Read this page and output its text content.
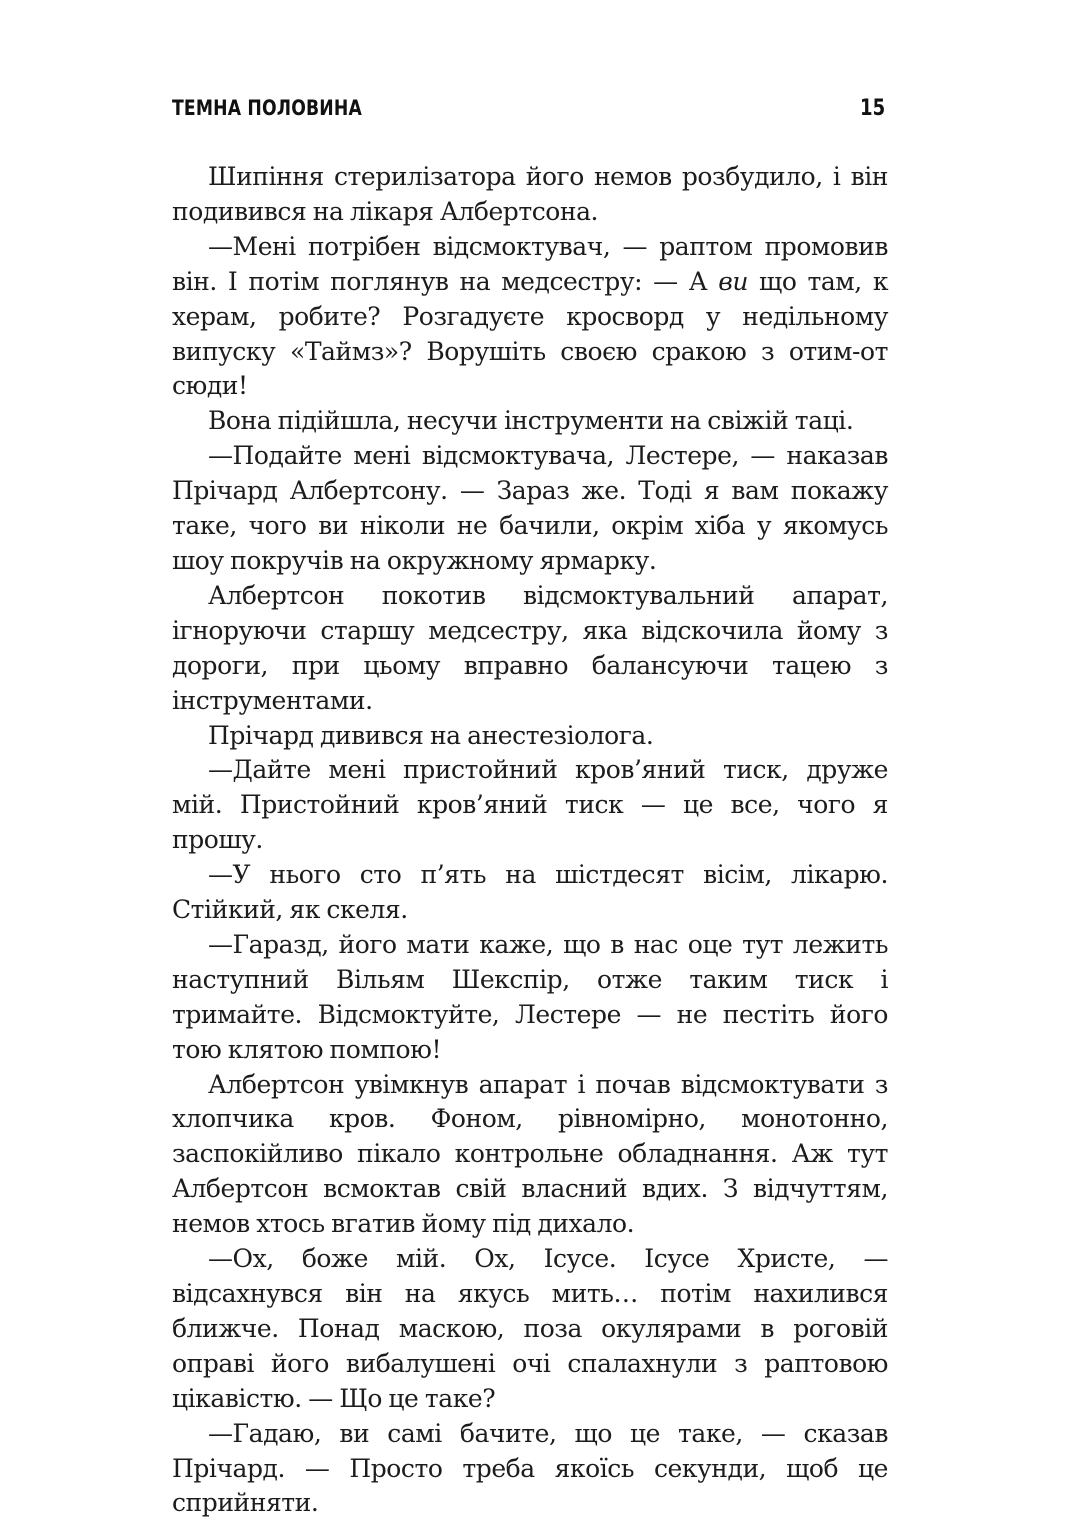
ТЕМНА ПОЛОВИНА	15

Шипіння стерилізатора його немов розбудило, і він подивився на лікаря Албертсона.

—Мені потрібен відсмоктувач, — раптом промовив він. І потім поглянув на медсестру: — А ви що там, к херам, робите? Розгадуєте кросворд у недільному випуску «Таймз»? Ворушіть своєю сракою з отим-от сюди!

Вона підійшла, несучи інструменти на свіжій таці.

—Подайте мені відсмоктувача, Лестере, — наказав Прічард Албертсону. — Зараз же. Тоді я вам покажу таке, чого ви ніколи не бачили, окрім хіба у якомусь шоу покручів на окружному ярмарку.

Албертсон покотив відсмоктувальний апарат, ігноруючи старшу медсестру, яка відскочила йому з дороги, при цьому вправно балансуючи тацею з інструментами.

Прічард дивився на анестезіолога.

—Дайте мені пристойний кров’яний тиск, друже мій. Пристойний кров’яний тиск — це все, чого я прошу.

—У нього сто п’ять на шістдесят вісім, лікарю. Стійкий, як скеля.

—Гаразд, його мати каже, що в нас оце тут лежить наступний Вільям Шекспір, отже таким тиск і тримайте. Відсмоктуйте, Лестере — не пестіть його тою клятою помпою!

Албертсон увімкнув апарат і почав відсмоктувати з хлопчика кров. Фоном, рівномірно, монотонно, заспокійливо пікало контрольне обладнання. Аж тут Албертсон всмоктав свій власний вдих. З відчуттям, немов хтось вгатив йому під дихало.

—Ох, боже мій. Ох, Ісусе. Ісусе Христе, — відсахнувся він на якусь мить… потім нахилився ближче. Понад маскою, поза окулярами в роговій оправі його вибалушені очі спалахнули з раптовою цікавістю. — Що це таке?

—Гадаю, ви самі бачите, що це таке, — сказав Прічард. — Просто треба якоїсь секунди, щоб це сприйняти.
